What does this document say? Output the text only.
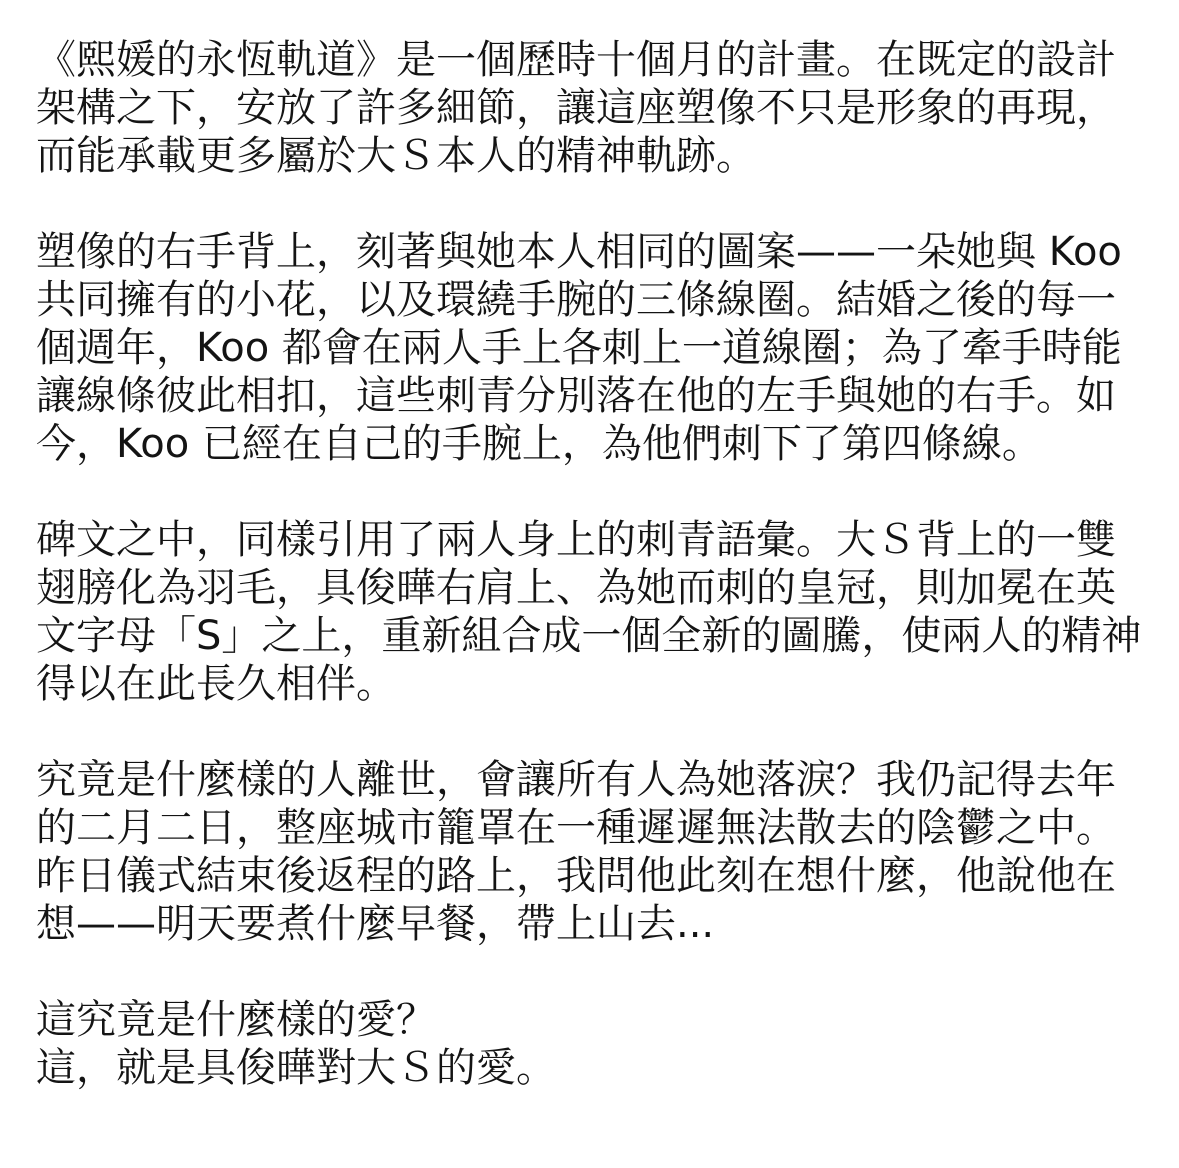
《熙媛的永恆軌道》是一個歷時十個月的計畫。在既定的設計
架構之下，安放了許多細節，讓這座塑像不只是形象的再現，
而能承載更多屬於大Ｓ本人的精神軌跡。

塑像的右手背上，刻著與她本人相同的圖案——一朵她與 Koo
共同擁有的小花，以及環繞手腕的三條線圈。結婚之後的每一
個週年，Koo 都會在兩人手上各刺上一道線圈；為了牽手時能
讓線條彼此相扣，這些刺青分別落在他的左手與她的右手。如
今，Koo 已經在自己的手腕上，為他們刺下了第四條線。

碑文之中，同樣引用了兩人身上的刺青語彙。大Ｓ背上的一雙
翅膀化為羽毛，具俊曄右肩上、為她而刺的皇冠，則加冕在英
文字母「S」之上，重新組合成一個全新的圖騰，使兩人的精神
得以在此長久相伴。

究竟是什麼樣的人離世，會讓所有人為她落淚？我仍記得去年
的二月二日，整座城市籠罩在一種遲遲無法散去的陰鬱之中。
昨日儀式結束後返程的路上，我問他此刻在想什麼，他說他在
想——明天要煮什麼早餐，帶上山去...

這究竟是什麼樣的愛？
這，就是具俊曄對大Ｓ的愛。
